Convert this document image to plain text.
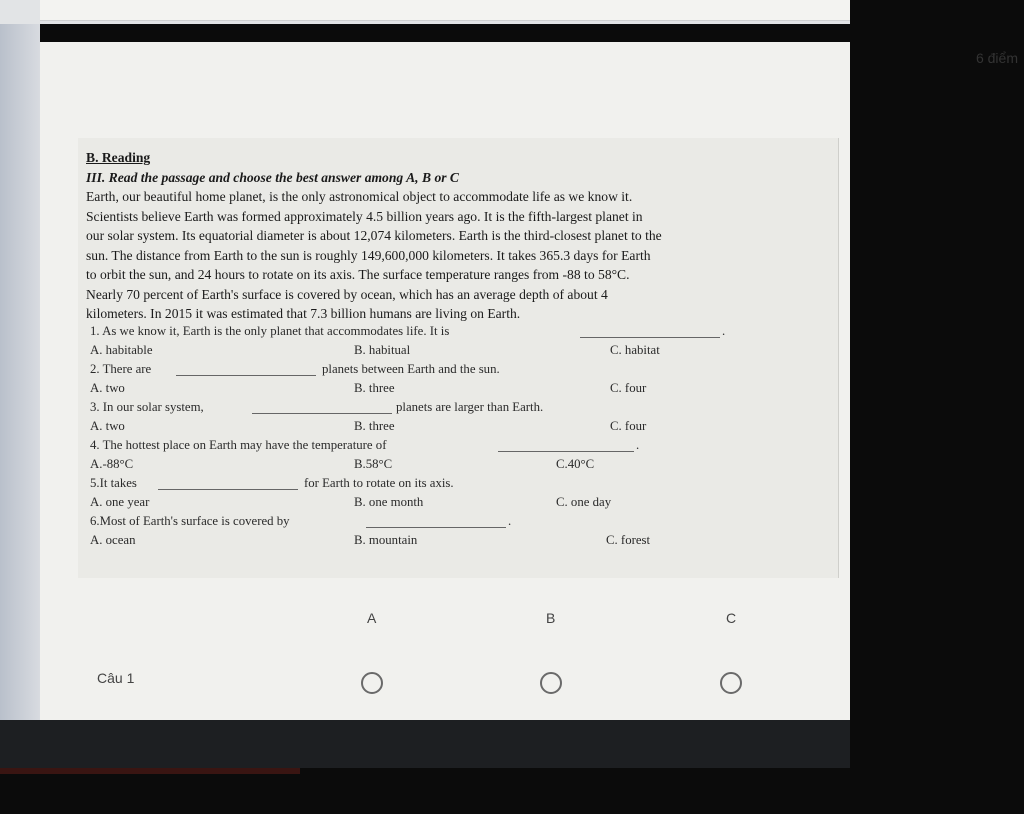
6 điểm
B. Reading
III. Read the passage and choose the best answer among A, B or C
Earth, our beautiful home planet, is the only astronomical object to accommodate life as we know it.
Scientists believe Earth was formed approximately 4.5 billion years ago. It is the fifth-largest planet in
our solar system. Its equatorial diameter is about 12,074 kilometers. Earth is the third-closest planet to the
sun. The distance from Earth to the sun is roughly 149,600,000 kilometers. It takes 365.3 days for Earth
to orbit the sun, and 24 hours to rotate on its axis. The surface temperature ranges from -88 to 58°C.
Nearly 70 percent of Earth's surface is covered by ocean, which has an average depth of about 4
kilometers. In 2015 it was estimated that 7.3 billion humans are living on Earth.
1. As we know it, Earth is the only planet that accommodates life. It is	.
A. habitable	B. habitual	C. habitat
2. There are	planets between Earth and the sun.
A. two	B. three	C. four
3. In our solar system,	planets are larger than Earth.
A. two	B. three	C. four
4. The hottest place on Earth may have the temperature of	.
A.-88°C	B.58°C	C.40°C
5.It takes	for Earth to rotate on its axis.
A. one year	B. one month	C. one day
6.Most of Earth's surface is covered by	.
A. ocean	B. mountain	C. forest
A	B	C
Câu 1
